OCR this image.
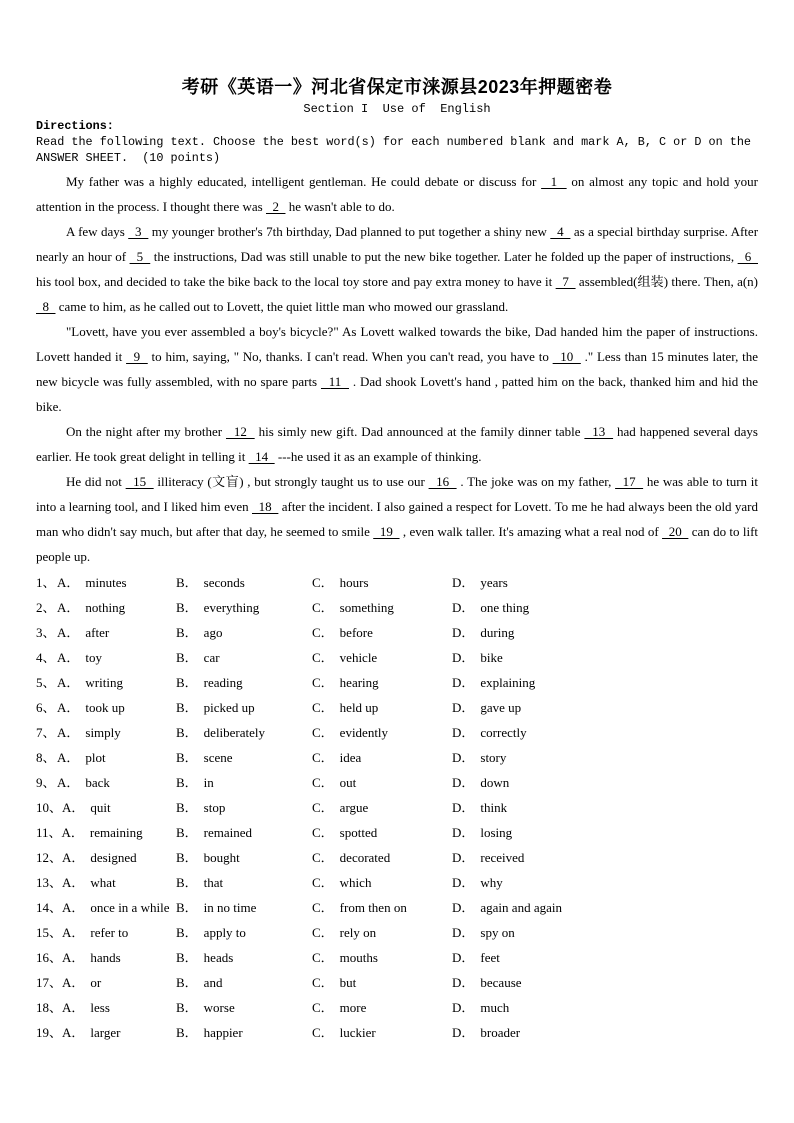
考研《英语一》河北省保定市涞源县2023年押题密卷
Section I  Use of  English
Directions:
Read the following text. Choose the best word(s) for each numbered blank and mark A, B, C or D on the ANSWER SHEET.  (10 points)

My father was a highly educated, intelligent gentleman. He could debate or discuss for   1   on almost any topic and hold your attention in the process. I thought there was   2   he wasn't able to do.

A few days   3   my younger brother's 7th birthday, Dad planned to put together a shiny new   4   as a special birthday surprise. After nearly an hour of   5   the instructions, Dad was still unable to put the new bike together. Later he folded up the paper of instructions,   6   his tool box, and decided to take the bike back to the local toy store and pay extra money to have it   7   assembled(组装) there. Then, a(n)   8   came to him, as he called out to Lovett, the quiet little man who mowed our grassland.

"Lovett, have you ever assembled a boy's bicycle?" As Lovett walked towards the bike, Dad handed him the paper of instructions. Lovett handed it   9   to him, saying, " No, thanks. I can't read. When you can't read, you have to   10   ." Less than 15 minutes later, the new bicycle was fully assembled, with no spare parts   11   . Dad shook Lovett's hand , patted him on the back, thanked him and hid the bike.

On the night after my brother   12   his simly new gift. Dad announced at the family dinner table   13   had happened several days earlier. He took great delight in telling it   14   ---he used it as an example of thinking.

He did not   15   illiteracy (文盲) , but strongly taught us to use our   16   . The joke was on my father,   17   he was able to turn it into a learning tool, and I liked him even   18   after the incident. I also gained a respect for Lovett. To me he had always been the old yard man who didn't say much, but after that day, he seemed to smile   19   , even walk taller. It's amazing what a real nod of   20   can do to lift people up.

1、 A． minutes	B． seconds	C． hours	D． years
2、 A． nothing	B． everything	C． something	D． one thing
3、 A． after	B． ago	C． before	D． during
4、 A． toy	B． car	C． vehicle	D． bike
5、 A． writing	B． reading	C． hearing	D． explaining
6、 A． took up	B． picked up	C． held up	D． gave up
7、 A． simply	B． deliberately	C． evidently	D． correctly
8、 A． plot	B． scene	C． idea	D． story
9、 A． back	B． in	C． out	D． down
10、 A． quit	B． stop	C． argue	D． think
11、 A． remaining	B． remained	C． spotted	D． losing
12、 A． designed	B． bought	C． decorated	D． received
13、 A． what	B． that	C． which	D． why
14、 A． once in a while B． in no time	C． from then on	D． again and again
15、 A． refer to	B． apply to	C． rely on	D． spy on
16、 A． hands	B． heads	C． mouths	D． feet
17、 A． or	B． and	C． but	D． because
18、 A． less	B． worse	C． more	D． much
19、 A． larger	B． happier	C． luckier	D． broader
